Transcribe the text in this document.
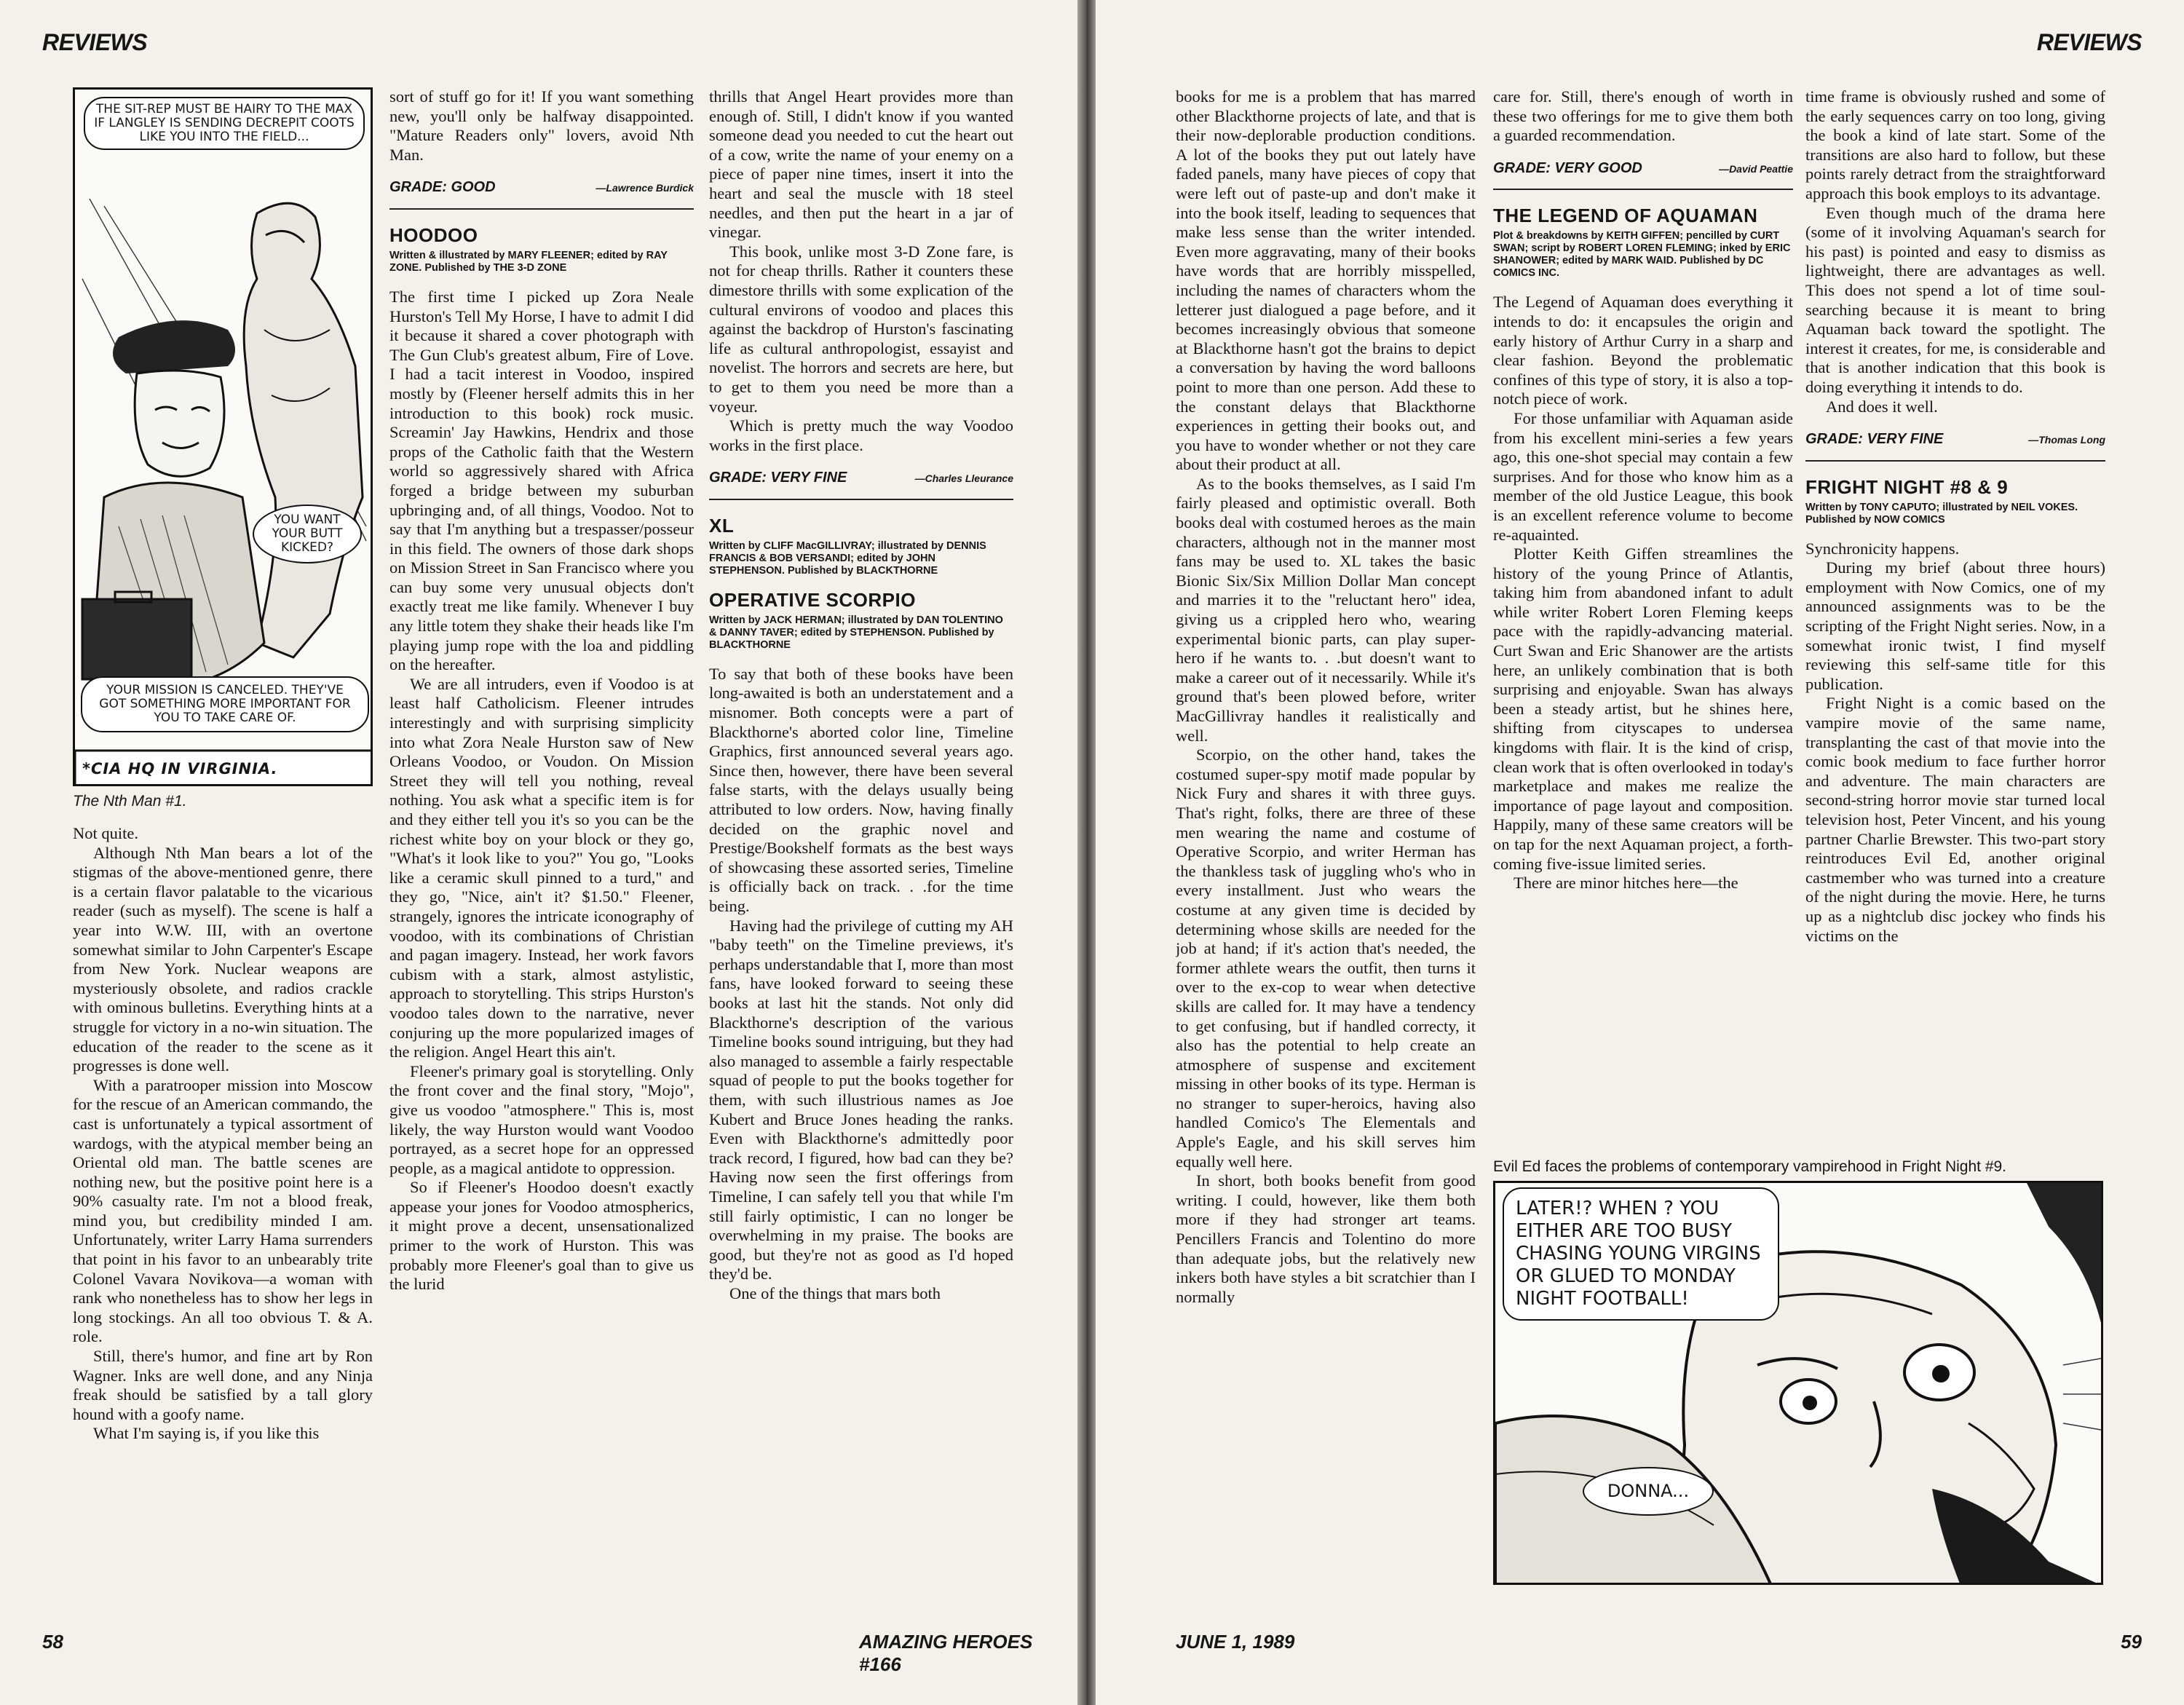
REVIEWS
THE SIT-REP MUST BE HAIRY TO THE MAX IF LANGLEY IS SENDING DECREPIT COOTS LIKE YOU INTO THE FIELD...
YOU WANT YOUR BUTT KICKED?
YOUR MISSION IS CANCELED. THEY'VE GOT SOMETHING MORE IMPORTANT FOR YOU TO TAKE CARE OF.
*CIA HQ IN VIRGINIA.
The Nth Man #1.

Not quite.

Although Nth Man bears a lot of the stigmas of the above-mentioned genre, there is a certain flavor palatable to the vicarious reader (such as myself). The scene is half a year into W.W. III, with an overtone somewhat similar to John Carpenter's Escape from New York. Nuclear weapons are mysteriously obsolete, and radios crackle with ominous bulletins. Everything hints at a struggle for victory in a no-win situation. The education of the reader to the scene as it progresses is done well.

With a paratrooper mission into Moscow for the rescue of an American commando, the cast is unfortunately a typical assortment of wardogs, with the atypical member being an Oriental old man. The battle scenes are nothing new, but the positive point here is a 90% casualty rate. I'm not a blood freak, mind you, but credibility minded I am. Unfortunately, writer Larry Hama surrenders that point in his favor to an unbearably trite Colonel Vavara Novikova—a woman with rank who nonetheless has to show her legs in long stockings. An all too obvious T. & A. role.

Still, there's humor, and fine art by Ron Wagner. Inks are well done, and any Ninja freak should be satisfied by a tall glory hound with a goofy name.

What I'm saying is, if you like this

sort of stuff go for it! If you want something new, you'll only be halfway disappointed. "Mature Readers only" lovers, avoid Nth Man.

GRADE: GOOD	—Lawrence Burdick
HOODOO
Written & illustrated by MARY FLEENER; edited by RAY ZONE. Published by THE 3-D ZONE

The first time I picked up Zora Neale Hurston's Tell My Horse, I have to admit I did it because it shared a cover photograph with The Gun Club's greatest album, Fire of Love. I had a tacit interest in Voodoo, inspired mostly by (Fleener herself admits this in her introduction to this book) rock music. Screamin' Jay Hawkins, Hendrix and those props of the Catholic faith that the Western world so aggressively shared with Africa forged a bridge between my suburban upbringing and, of all things, Voodoo. Not to say that I'm anything but a trespasser/posseur in this field. The owners of those dark shops on Mission Street in San Francisco where you can buy some very unusual objects don't exactly treat me like family. Whenever I buy any little totem they shake their heads like I'm playing jump rope with the loa and piddling on the hereafter.

We are all intruders, even if Voodoo is at least half Catholicism. Fleener intrudes interestingly and with surprising simplicity into what Zora Neale Hurston saw of New Orleans Voodoo, or Voudon. On Mission Street they will tell you nothing, reveal nothing. You ask what a specific item is for and they either tell you it's so you can be the richest white boy on your block or they go, "What's it look like to you?" You go, "Looks like a ceramic skull pinned to a turd," and they go, "Nice, ain't it? $1.50." Fleener, strangely, ignores the intricate iconography of voodoo, with its combinations of Christian and pagan imagery. Instead, her work favors cubism with a stark, almost astylistic, approach to storytelling. This strips Hurston's voodoo tales down to the narrative, never conjuring up the more popularized images of the religion. Angel Heart this ain't.

Fleener's primary goal is storytelling. Only the front cover and the final story, "Mojo", give us voodoo "atmosphere." This is, most likely, the way Hurston would want Voodoo portrayed, as a secret hope for an oppressed people, as a magical antidote to oppression.

So if Fleener's Hoodoo doesn't exactly appease your jones for Voodoo atmospherics, it might prove a decent, unsensationalized primer to the work of Hurston. This was probably more Fleener's goal than to give us the lurid

thrills that Angel Heart provides more than enough of. Still, I didn't know if you wanted someone dead you needed to cut the heart out of a cow, write the name of your enemy on a piece of paper nine times, insert it into the heart and seal the muscle with 18 steel needles, and then put the heart in a jar of vinegar.

This book, unlike most 3-D Zone fare, is not for cheap thrills. Rather it counters these dimestore thrills with some explication of the cultural environs of voodoo and places this against the backdrop of Hurston's fascinating life as cultural anthropologist, essayist and novelist. The horrors and secrets are here, but to get to them you need be more than a voyeur.

Which is pretty much the way Voodoo works in the first place.

GRADE: VERY FINE	—Charles Lleurance
XL
Written by CLIFF MacGILLIVRAY; illustrated by DENNIS FRANCIS & BOB VERSANDI; edited by JOHN STEPHENSON. Published by BLACKTHORNE
OPERATIVE SCORPIO
Written by JACK HERMAN; illustrated by DAN TOLENTINO & DANNY TAVER; edited by STEPHENSON. Published by BLACKTHORNE

To say that both of these books have been long-awaited is both an understatement and a misnomer. Both concepts were a part of Blackthorne's aborted color line, Timeline Graphics, first announced several years ago. Since then, however, there have been several false starts, with the delays usually being attributed to low orders. Now, having finally decided on the graphic novel and Prestige/Bookshelf formats as the best ways of showcasing these assorted series, Timeline is officially back on track. . .for the time being.

Having had the privilege of cutting my AH "baby teeth" on the Timeline previews, it's perhaps understandable that I, more than most fans, have looked forward to seeing these books at last hit the stands. Not only did Blackthorne's description of the various Timeline books sound intriguing, but they had also managed to assemble a fairly respectable squad of people to put the books together for them, with such illustrious names as Joe Kubert and Bruce Jones heading the ranks. Even with Blackthorne's admittedly poor track record, I figured, how bad can they be? Having now seen the first offerings from Timeline, I can safely tell you that while I'm still fairly optimistic, I can no longer be overwhelming in my praise. The books are good, but they're not as good as I'd hoped they'd be.

One of the things that mars both

58	AMAZING HEROES #166
REVIEWS

books for me is a problem that has marred other Blackthorne projects of late, and that is their now-deplorable production conditions. A lot of the books they put out lately have faded panels, many have pieces of copy that were left out of paste-up and don't make it into the book itself, leading to sequences that make less sense than the writer intended. Even more aggravating, many of their books have words that are horribly misspelled, including the names of characters whom the letterer just dialogued a page before, and it becomes increasingly obvious that someone at Blackthorne hasn't got the brains to depict a conversation by having the word balloons point to more than one person. Add these to the constant delays that Blackthorne experiences in getting their books out, and you have to wonder whether or not they care about their product at all.

As to the books themselves, as I said I'm fairly pleased and optimistic overall. Both books deal with costumed heroes as the main characters, although not in the manner most fans may be used to. XL takes the basic Bionic Six/Six Million Dollar Man concept and marries it to the "reluctant hero" idea, giving us a crippled hero who, wearing experimental bionic parts, can play super-hero if he wants to. . .but doesn't want to make a career out of it necessarily. While it's ground that's been plowed before, writer MacGillivray handles it realistically and well.

Scorpio, on the other hand, takes the costumed super-spy motif made popular by Nick Fury and shares it with three guys. That's right, folks, there are three of these men wearing the name and costume of Operative Scorpio, and writer Herman has the thankless task of juggling who's who in every installment. Just who wears the costume at any given time is decided by determining whose skills are needed for the job at hand; if it's action that's needed, the former athlete wears the outfit, then turns it over to the ex-cop to wear when detective skills are called for. It may have a tendency to get confusing, but if handled correcty, it also has the potential to help create an atmosphere of suspense and excitement missing in other books of its type. Herman is no stranger to super-heroics, having also handled Comico's The Elementals and Apple's Eagle, and his skill serves him equally well here.

In short, both books benefit from good writing. I could, however, like them both more if they had stronger art teams. Pencillers Francis and Tolentino do more than adequate jobs, but the relatively new inkers both have styles a bit scratchier than I normally

care for. Still, there's enough of worth in these two offerings for me to give them both a guarded recommendation.

GRADE: VERY GOOD	—David Peattie
THE LEGEND OF AQUAMAN
Plot & breakdowns by KEITH GIFFEN; pencilled by CURT SWAN; script by ROBERT LOREN FLEMING; inked by ERIC SHANOWER; edited by MARK WAID. Published by DC COMICS INC.

The Legend of Aquaman does everything it intends to do: it encapsules the origin and early history of Arthur Curry in a sharp and clear fashion. Beyond the problematic confines of this type of story, it is also a top-notch piece of work.

For those unfamiliar with Aquaman aside from his excellent mini-series a few years ago, this one-shot special may contain a few surprises. And for those who know him as a member of the old Justice League, this book is an excellent reference volume to become re-aquainted.

Plotter Keith Giffen streamlines the history of the young Prince of Atlantis, taking him from abandoned infant to adult while writer Robert Loren Fleming keeps pace with the rapidly-advancing material. Curt Swan and Eric Shanower are the artists here, an unlikely combination that is both surprising and enjoyable. Swan has always been a steady artist, but he shines here, shifting from cityscapes to undersea kingdoms with flair. It is the kind of crisp, clean work that is often overlooked in today's marketplace and makes me realize the importance of page layout and composition. Happily, many of these same creators will be on tap for the next Aquaman project, a forth-coming five-issue limited series.

There are minor hitches here—the

time frame is obviously rushed and some of the early sequences carry on too long, giving the book a kind of late start. Some of the transitions are also hard to follow, but these points rarely detract from the straightforward approach this book employs to its advantage.

Even though much of the drama here (some of it involving Aquaman's search for his past) is pointed and easy to dismiss as lightweight, there are advantages as well. This does not spend a lot of time soul-searching because it is meant to bring Aquaman back toward the spotlight. The interest it creates, for me, is considerable and that is another indication that this book is doing everything it intends to do.

And does it well.

GRADE: VERY FINE	—Thomas Long
FRIGHT NIGHT #8 & 9
Written by TONY CAPUTO; illustrated by NEIL VOKES. Published by NOW COMICS

Synchronicity happens.

During my brief (about three hours) employment with Now Comics, one of my announced assignments was to be the scripting of the Fright Night series. Now, in a somewhat ironic twist, I find myself reviewing this self-same title for this publication.

Fright Night is a comic based on the vampire movie of the same name, transplanting the cast of that movie into the comic book medium to face further horror and adventure. The main characters are second-string horror movie star turned local television host, Peter Vincent, and his young partner Charlie Brewster. This two-part story reintroduces Evil Ed, another original castmember who was turned into a creature of the night during the movie. Here, he turns up as a nightclub disc jockey who finds his victims on the

Evil Ed faces the problems of contemporary vampirehood in Fright Night #9.
LATER!? WHEN ? YOU EITHER ARE TOO BUSY CHASING YOUNG VIRGINS OR GLUED TO MONDAY NIGHT FOOTBALL!
DONNA...
JUNE 1, 1989	59
